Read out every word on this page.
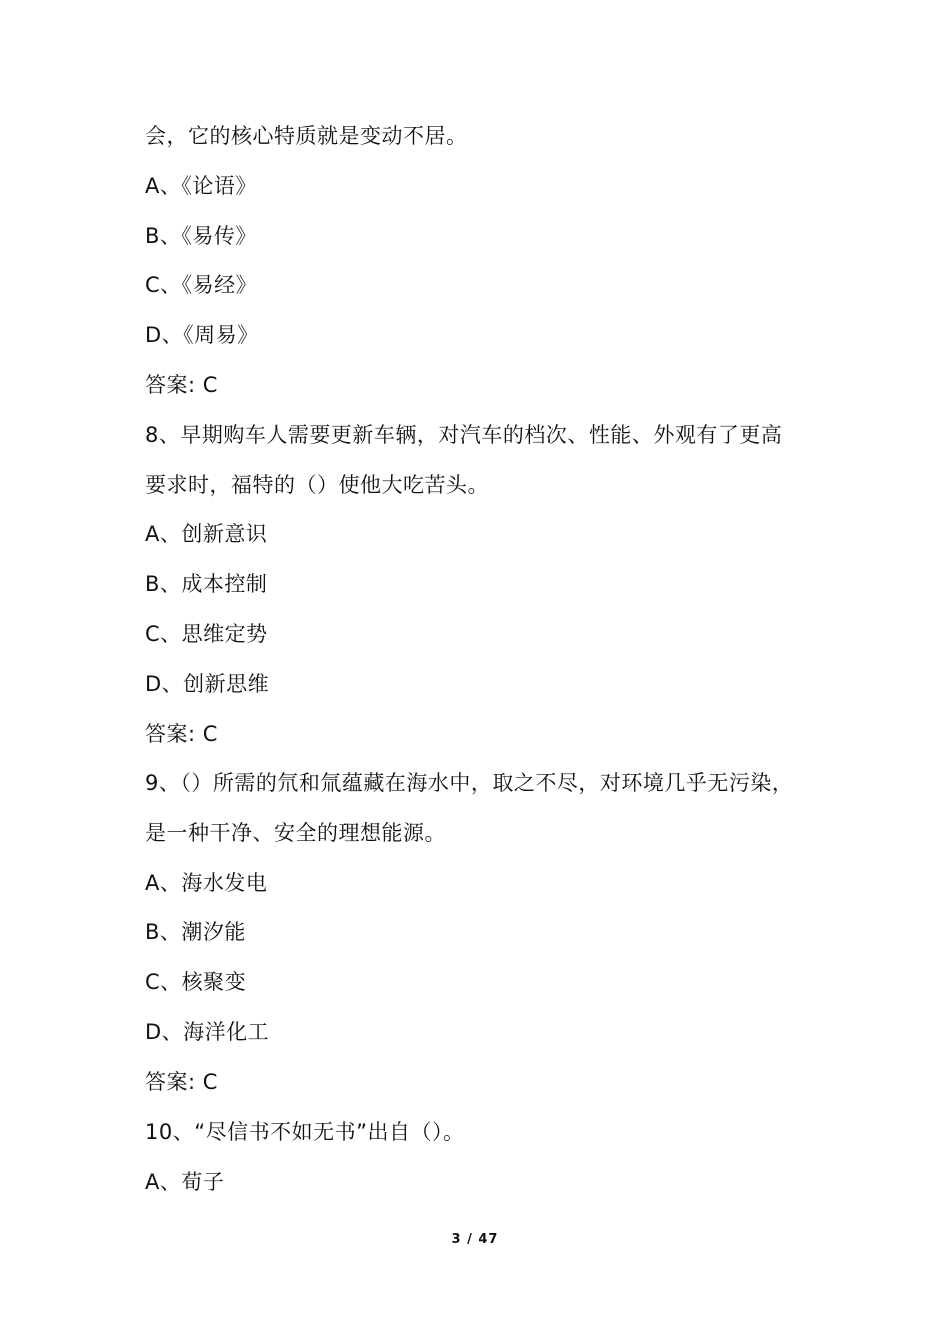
会，它的核心特质就是变动不居。
A、《论语》
B、《易传》
C、《易经》
D、《周易》
答案: C
8、早期购车人需要更新车辆，对汽车的档次、性能、外观有了更高
要求时，福特的（）使他大吃苦头。
A、创新意识
B、成本控制
C、思维定势
D、创新思维
答案: C
9、（）所需的氘和氚蕴藏在海水中，取之不尽，对环境几乎无污染，
是一种干净、安全的理想能源。
A、海水发电
B、潮汐能
C、核聚变
D、海洋化工
答案: C
10、“尽信书不如无书”出自（）。
A、荀子
3 / 47
